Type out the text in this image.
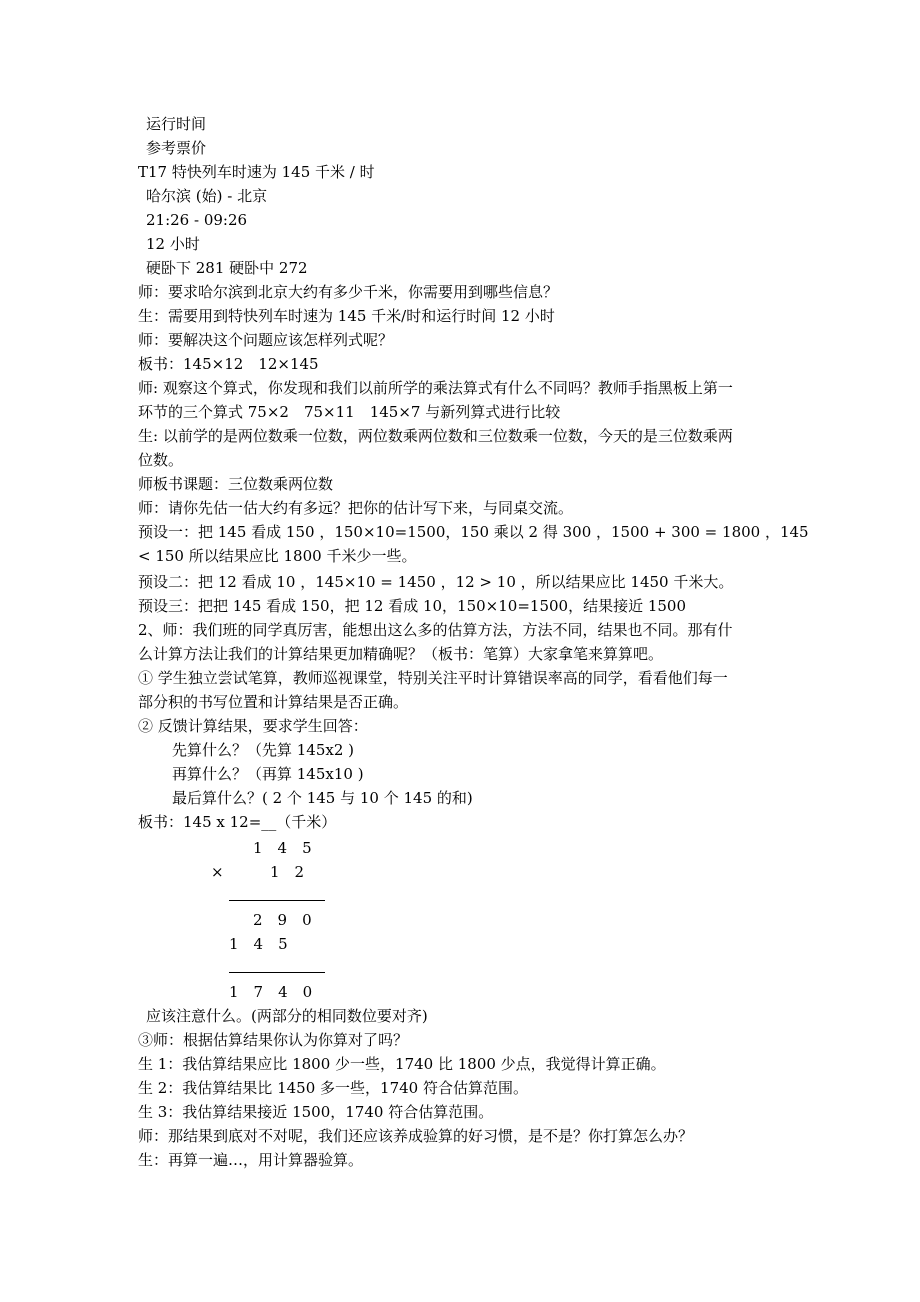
运行时间
参考票价
T17 特快列车时速为 145 千米 / 时
哈尔滨 (始) - 北京
21:26 - 09:26
12 小时
硬卧下 281 硬卧中 272
师：要求哈尔滨到北京大约有多少千米，你需要用到哪些信息？
生：需要用到特快列车时速为 145 千米/时和运行时间 12 小时
师：要解决这个问题应该怎样列式呢？
板书：145×12　12×145
师: 观察这个算式，你发现和我们以前所学的乘法算式有什么不同吗？教师手指黑板上第一
环节的三个算式 75×2　75×11　145×7 与新列算式进行比较
生: 以前学的是两位数乘一位数，两位数乘两位数和三位数乘一位数，今天的是三位数乘两
位数。
师板书课题：三位数乘两位数
师：请你先估一估大约有多远？把你的估计写下来，与同桌交流。
预设一：把 145 看成 150 ，150×10=1500，150 乘以 2 得 300 ，1500 + 300 = 1800 ，145
< 150 所以结果应比 1800 千米少一些。
预设二：把 12 看成 10 ，145×10 = 1450 ，12 > 10 ，所以结果应比 1450 千米大。
预设三：把把 145 看成 150，把 12 看成 10，150×10=1500，结果接近 1500
2、师：我们班的同学真厉害，能想出这么多的估算方法，方法不同，结果也不同。那有什
么计算方法让我们的计算结果更加精确呢？（板书：笔算）大家拿笔来算算吧。
① 学生独立尝试笔算，教师巡视课堂，特别关注平时计算错误率高的同学，看看他们每一
部分积的书写位置和计算结果是否正确。
② 反馈计算结果，要求学生回答：
先算什么？（先算 145x2 )
再算什么？（再算 145x10 )
最后算什么？( 2 个 145 与 10 个 145 的和)
板书：145 x 12=__（千米）
1　4　5
×	1　2
2　9　0
1　4　5
1　7　4　0
应该注意什么。(两部分的相同数位要对齐)
③师：根据估算结果你认为你算对了吗？
生 1：我估算结果应比 1800 少一些，1740 比 1800 少点，我觉得计算正确。
生 2：我估算结果比 1450 多一些，1740 符合估算范围。
生 3：我估算结果接近 1500，1740 符合估算范围。
师：那结果到底对不对呢，我们还应该养成验算的好习惯，是不是？你打算怎么办？
生：再算一遍…，用计算器验算。
